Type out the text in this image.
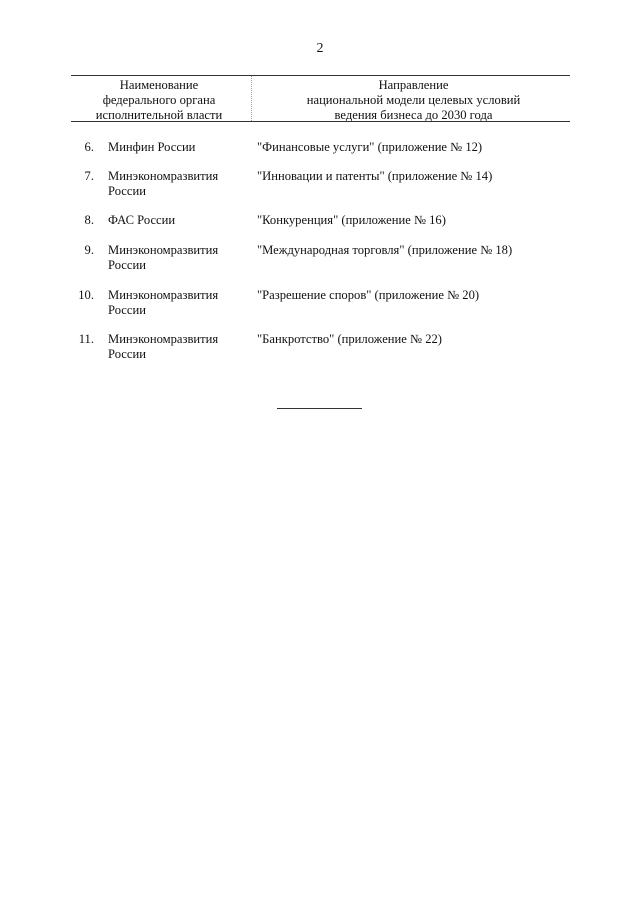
2
Наименование
федерального органа
исполнительной власти
Направление
национальной модели целевых условий
ведения бизнеса до 2030 года
6. Минфин России	"Финансовые услуги" (приложение № 12)
7. Минэкономразвития
России
"Инновации и патенты" (приложение № 14)
8. ФАС России	"Конкуренция" (приложение № 16)
9. Минэкономразвития
России
"Международная торговля" (приложение № 18)
10. Минэкономразвития
России
"Разрешение споров" (приложение № 20)
11. Минэкономразвития
России
"Банкротство" (приложение № 22)
